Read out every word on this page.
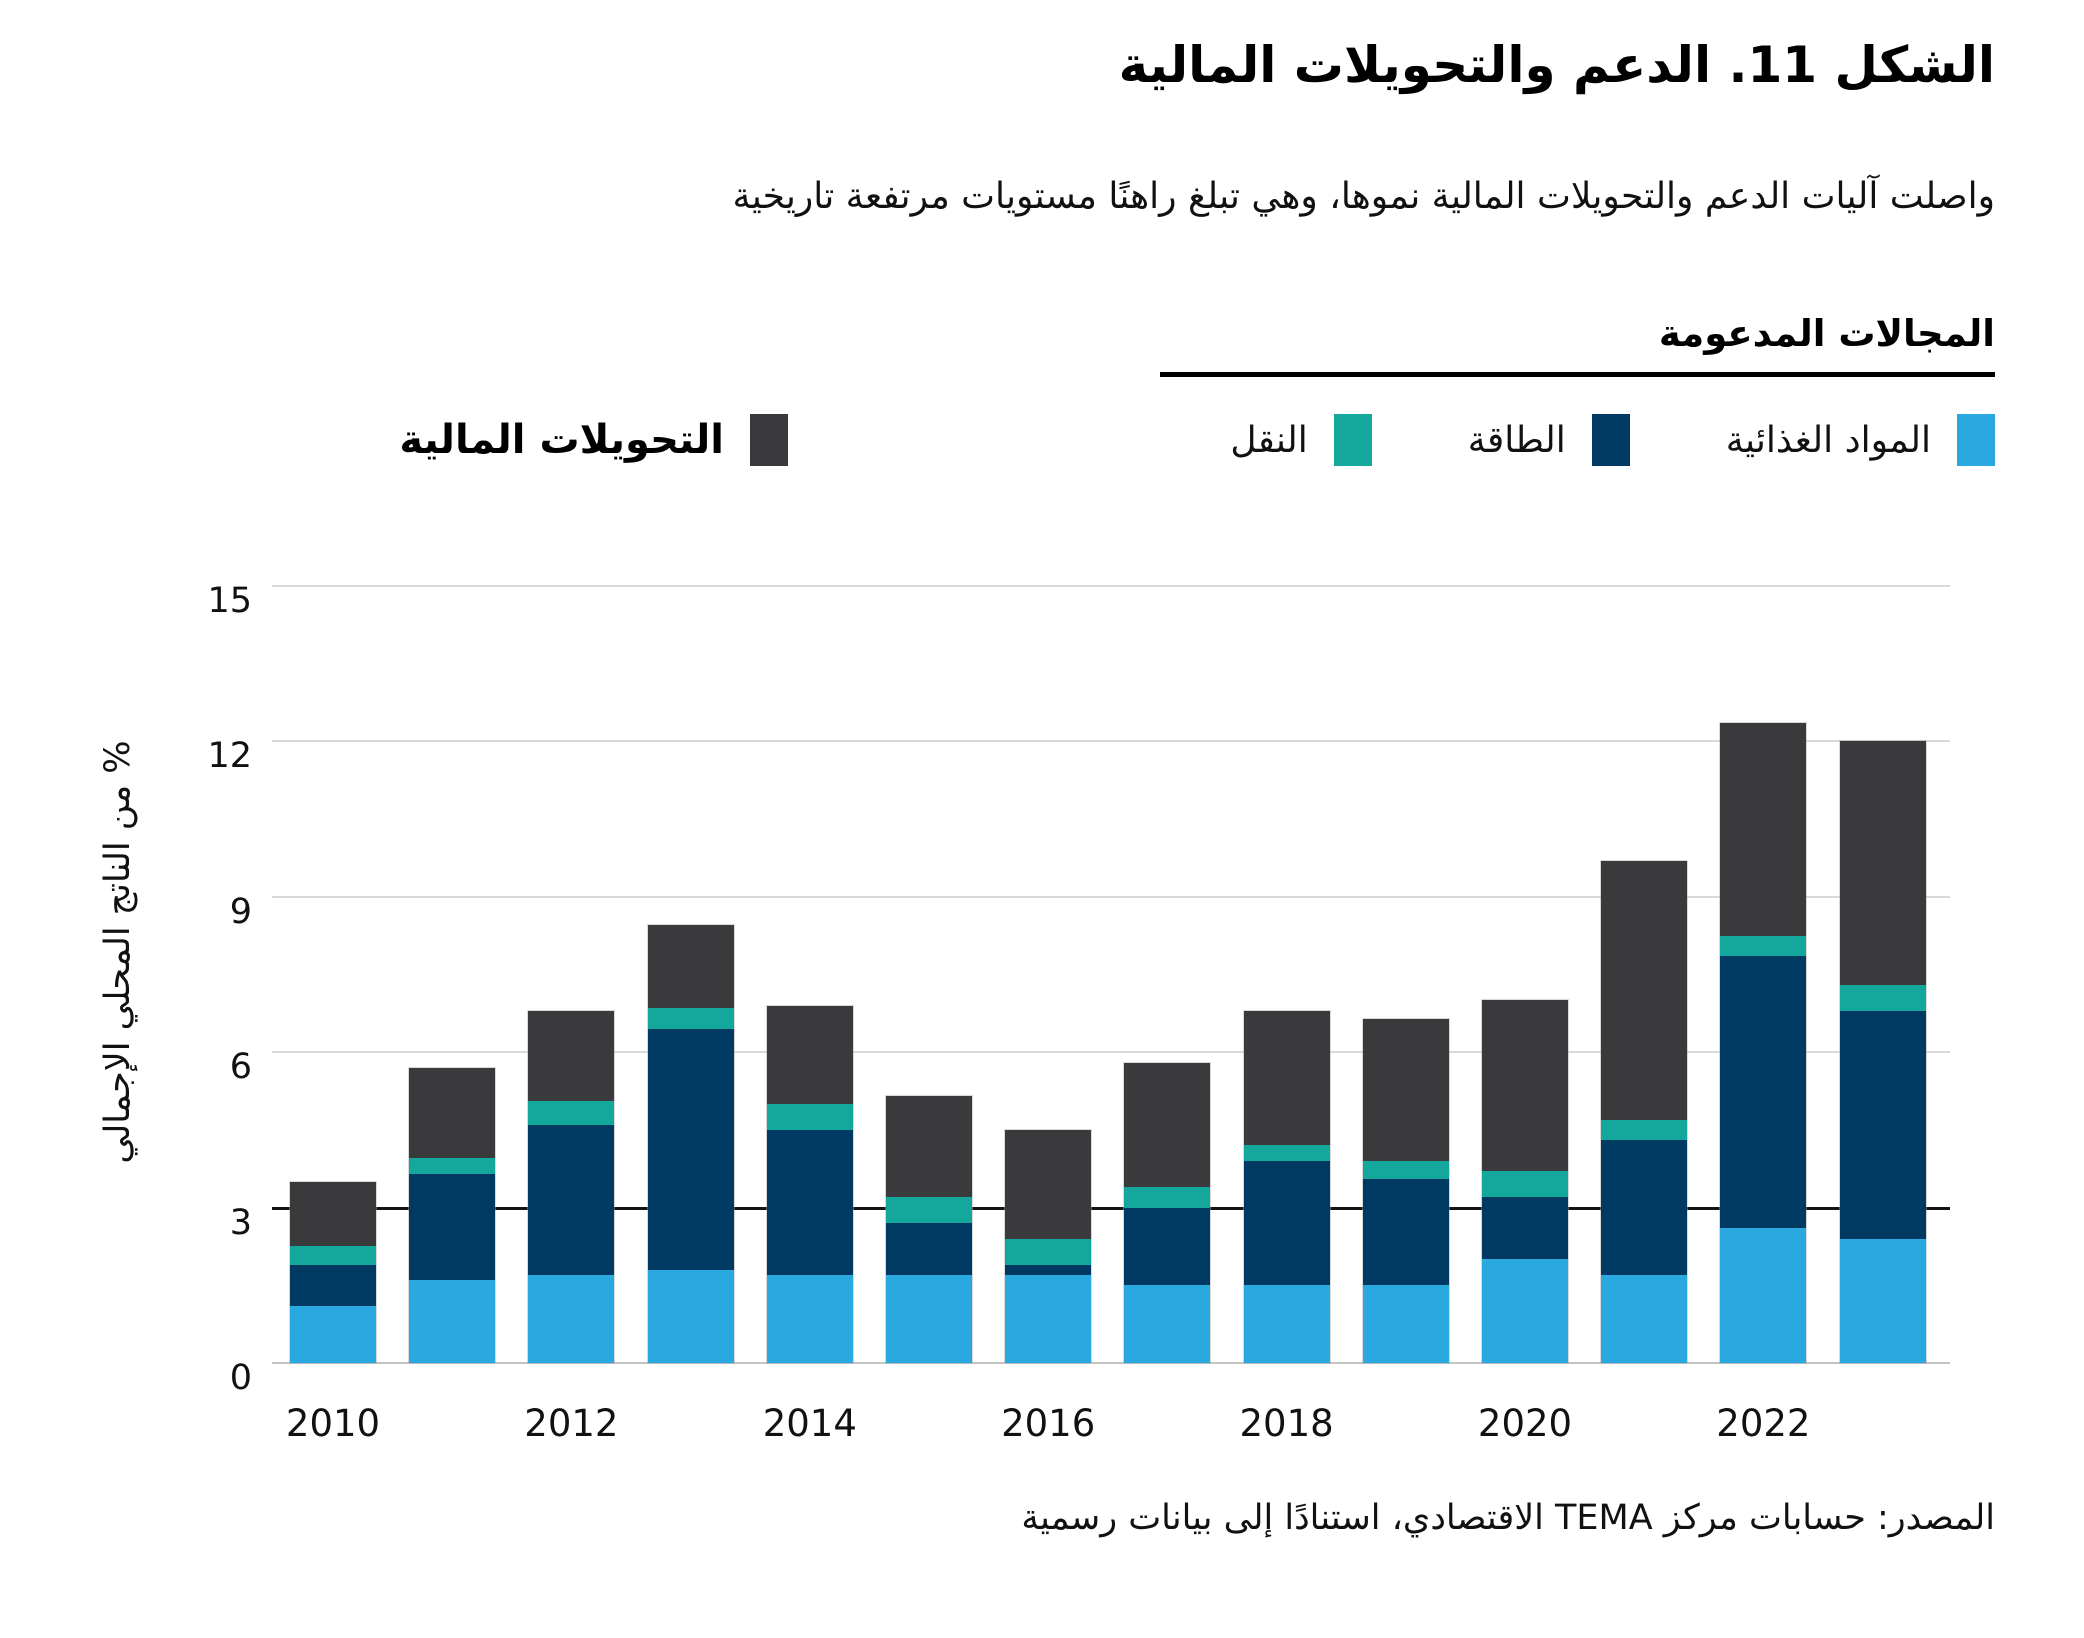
الشكل 11. الدعم والتحويلات المالية
واصلت آليات الدعم والتحويلات المالية نموها، وهي تبلغ راهنًا مستويات مرتفعة تاريخية
المجالات المدعومة
المواد الغذائية
الطاقة
النقل
التحويلات المالية
% من الناتج المحلي الإجمالي
0
3
6
9
12
15
2010	2012	2014	2016	2018	2020	2022
المصدر: حسابات مركز TEMA الاقتصادي، استنادًا إلى بيانات رسمية
